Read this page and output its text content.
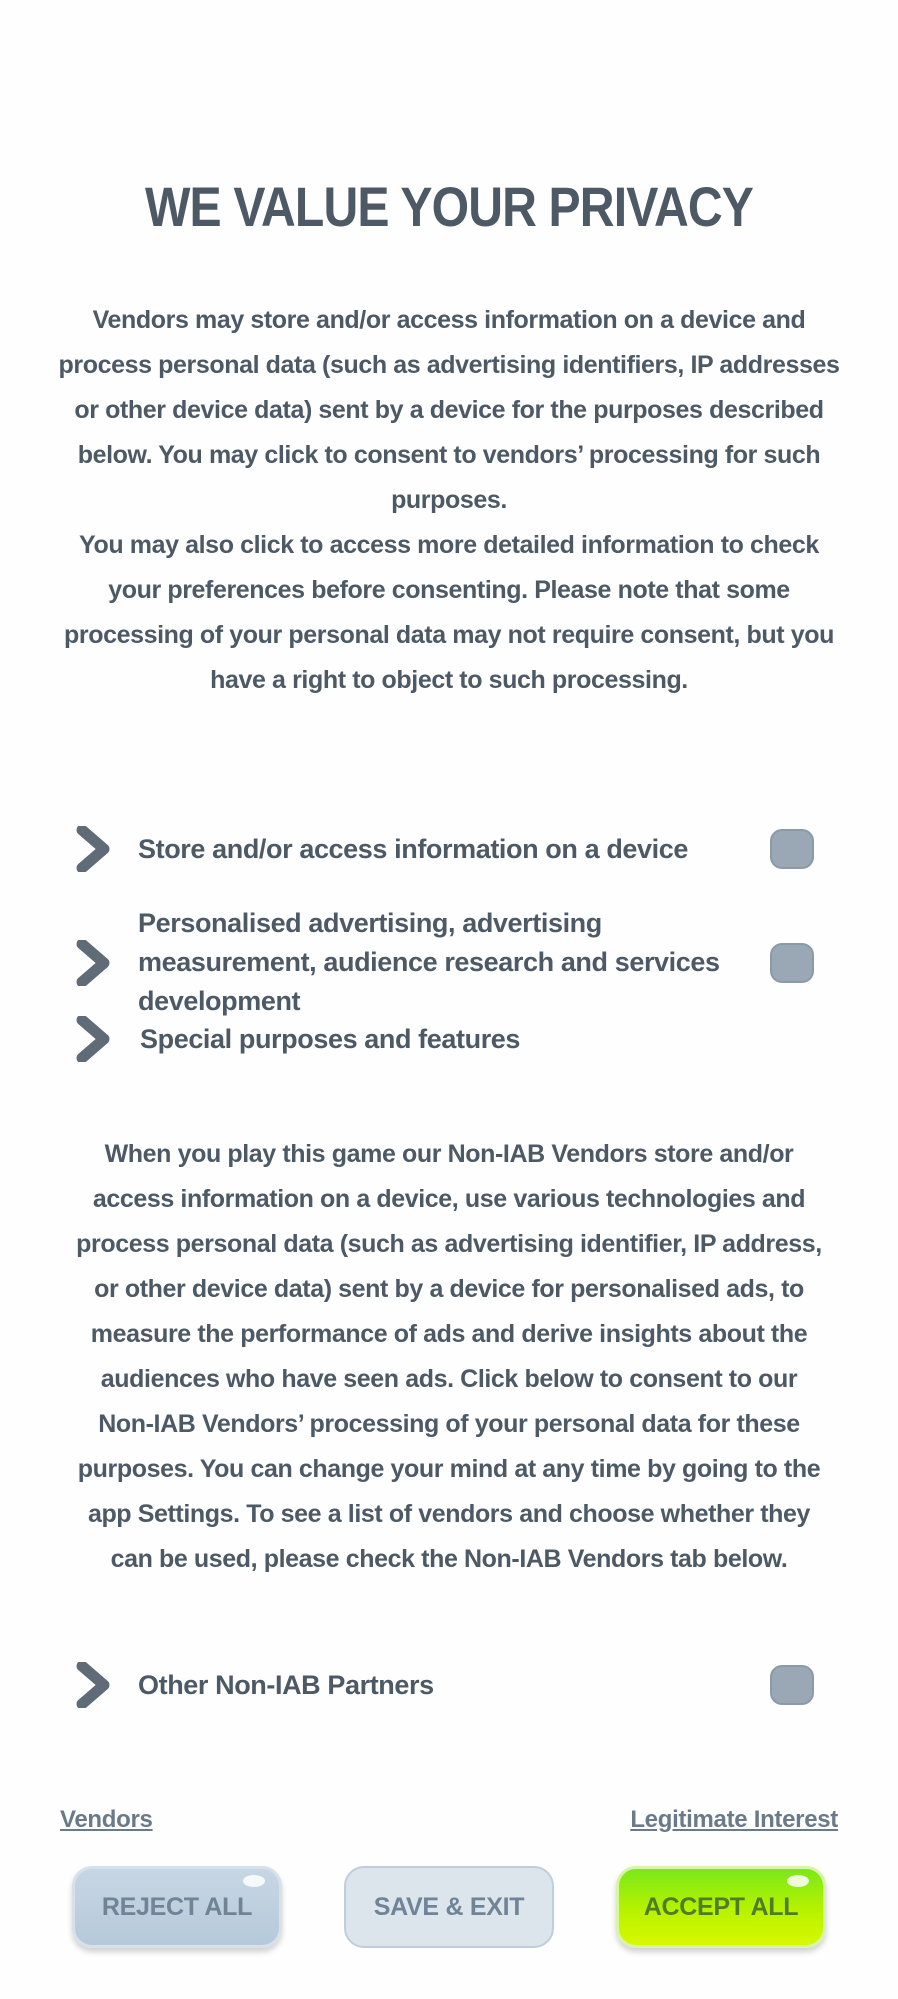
WE VALUE YOUR PRIVACY

Vendors may store and/or access information on a device and process personal data (such as advertising identifiers, IP addresses or other device data) sent by a device for the purposes described below. You may click to consent to vendors’ processing for such purposes.

You may also click to access more detailed information to check your preferences before consenting. Please note that some processing of your personal data may not require consent, but you have a right to object to such processing.

Store and/or access information on a device
Personalised advertising, advertising measurement, audience research and services development
Special purposes and features

When you play this game our Non-IAB Vendors store and/or access information on a device, use various technologies and process personal data (such as advertising identifier, IP address, or other device data) sent by a device for personalised ads, to measure the performance of ads and derive insights about the audiences who have seen ads. Click below to consent to our Non-IAB Vendors’ processing of your personal data for these purposes. You can change your mind at any time by going to the app Settings. To see a list of vendors and choose whether they can be used, please check the Non-IAB Vendors tab below.

Other Non-IAB Partners
Vendors	Legitimate Interest
REJECT ALL	SAVE & EXIT	ACCEPT ALL
